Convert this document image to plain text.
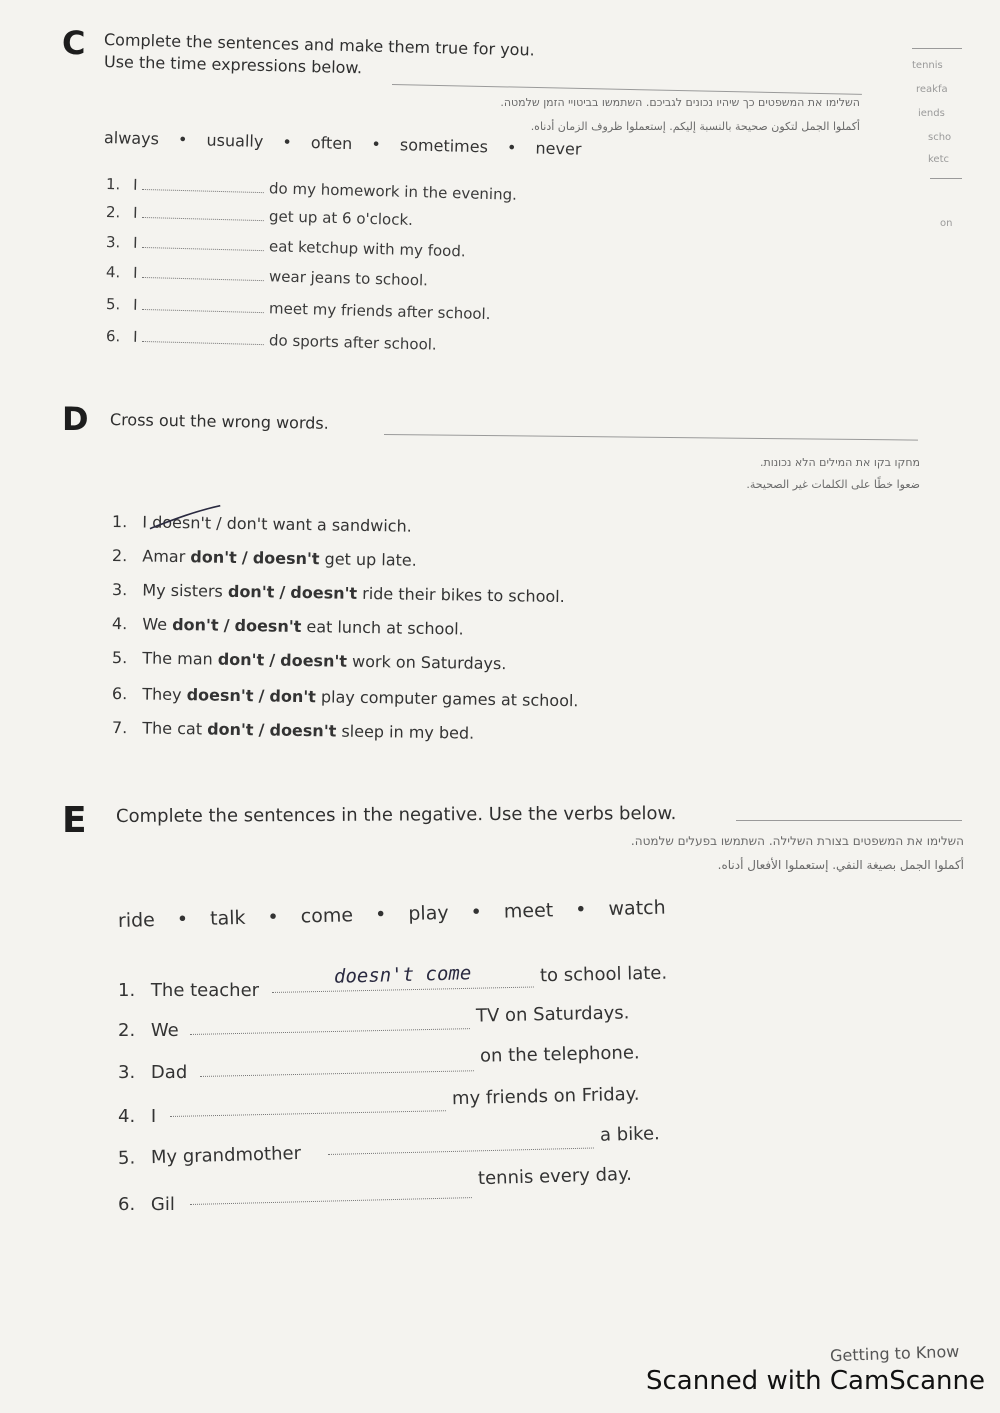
tennis
reakfa
iends
scho
ketc
on
C Complete the sentences and make them true for you.
Use the time expressions below.
השלימו את המשפטים כך שיהיו נכונים לגביכם. השתמשו בביטויי הזמן שלמטה.
أكملوا الجمل لتكون صحيحة بالنسبة إليكم. إستعملوا ظروف الزمان أدناه.
always • usually • often • sometimes • never
1. I	do my homework in the evening.
2. I	get up at 6 o'clock.
3. I	eat ketchup with my food.
4. I	wear jeans to school.
5. I	meet my friends after school.
6. I	do sports after school.
D Cross out the wrong words.
מחקו בקו את המילים הלא נכונות.
ضعوا خطًا على الكلمات غير الصحيحة.
1. I doesn't / don't want a sandwich.
2. Amar don't / doesn't get up late.
3. My sisters don't / doesn't ride their bikes to school.
4. We don't / doesn't eat lunch at school.
5. The man don't / doesn't work on Saturdays.
6. They doesn't / don't play computer games at school.
7. The cat don't / doesn't sleep in my bed.
E Complete the sentences in the negative. Use the verbs below.
השלימו את המשפטים בצורת השלילה. השתמשו בפעלים שלמטה.
أكملوا الجمل بصيغة النفي. إستعملوا الأفعال أدناه.
ride • talk • come • play • meet • watch
1. The teacher
doesn't come	to school late.
2. We
TV on Saturdays.
3. Dad
on the telephone.
4. I
my friends on Friday.
5. My grandmother
a bike.
6. Gil
tennis every day.
Getting to Know
Scanned with CamScanne
